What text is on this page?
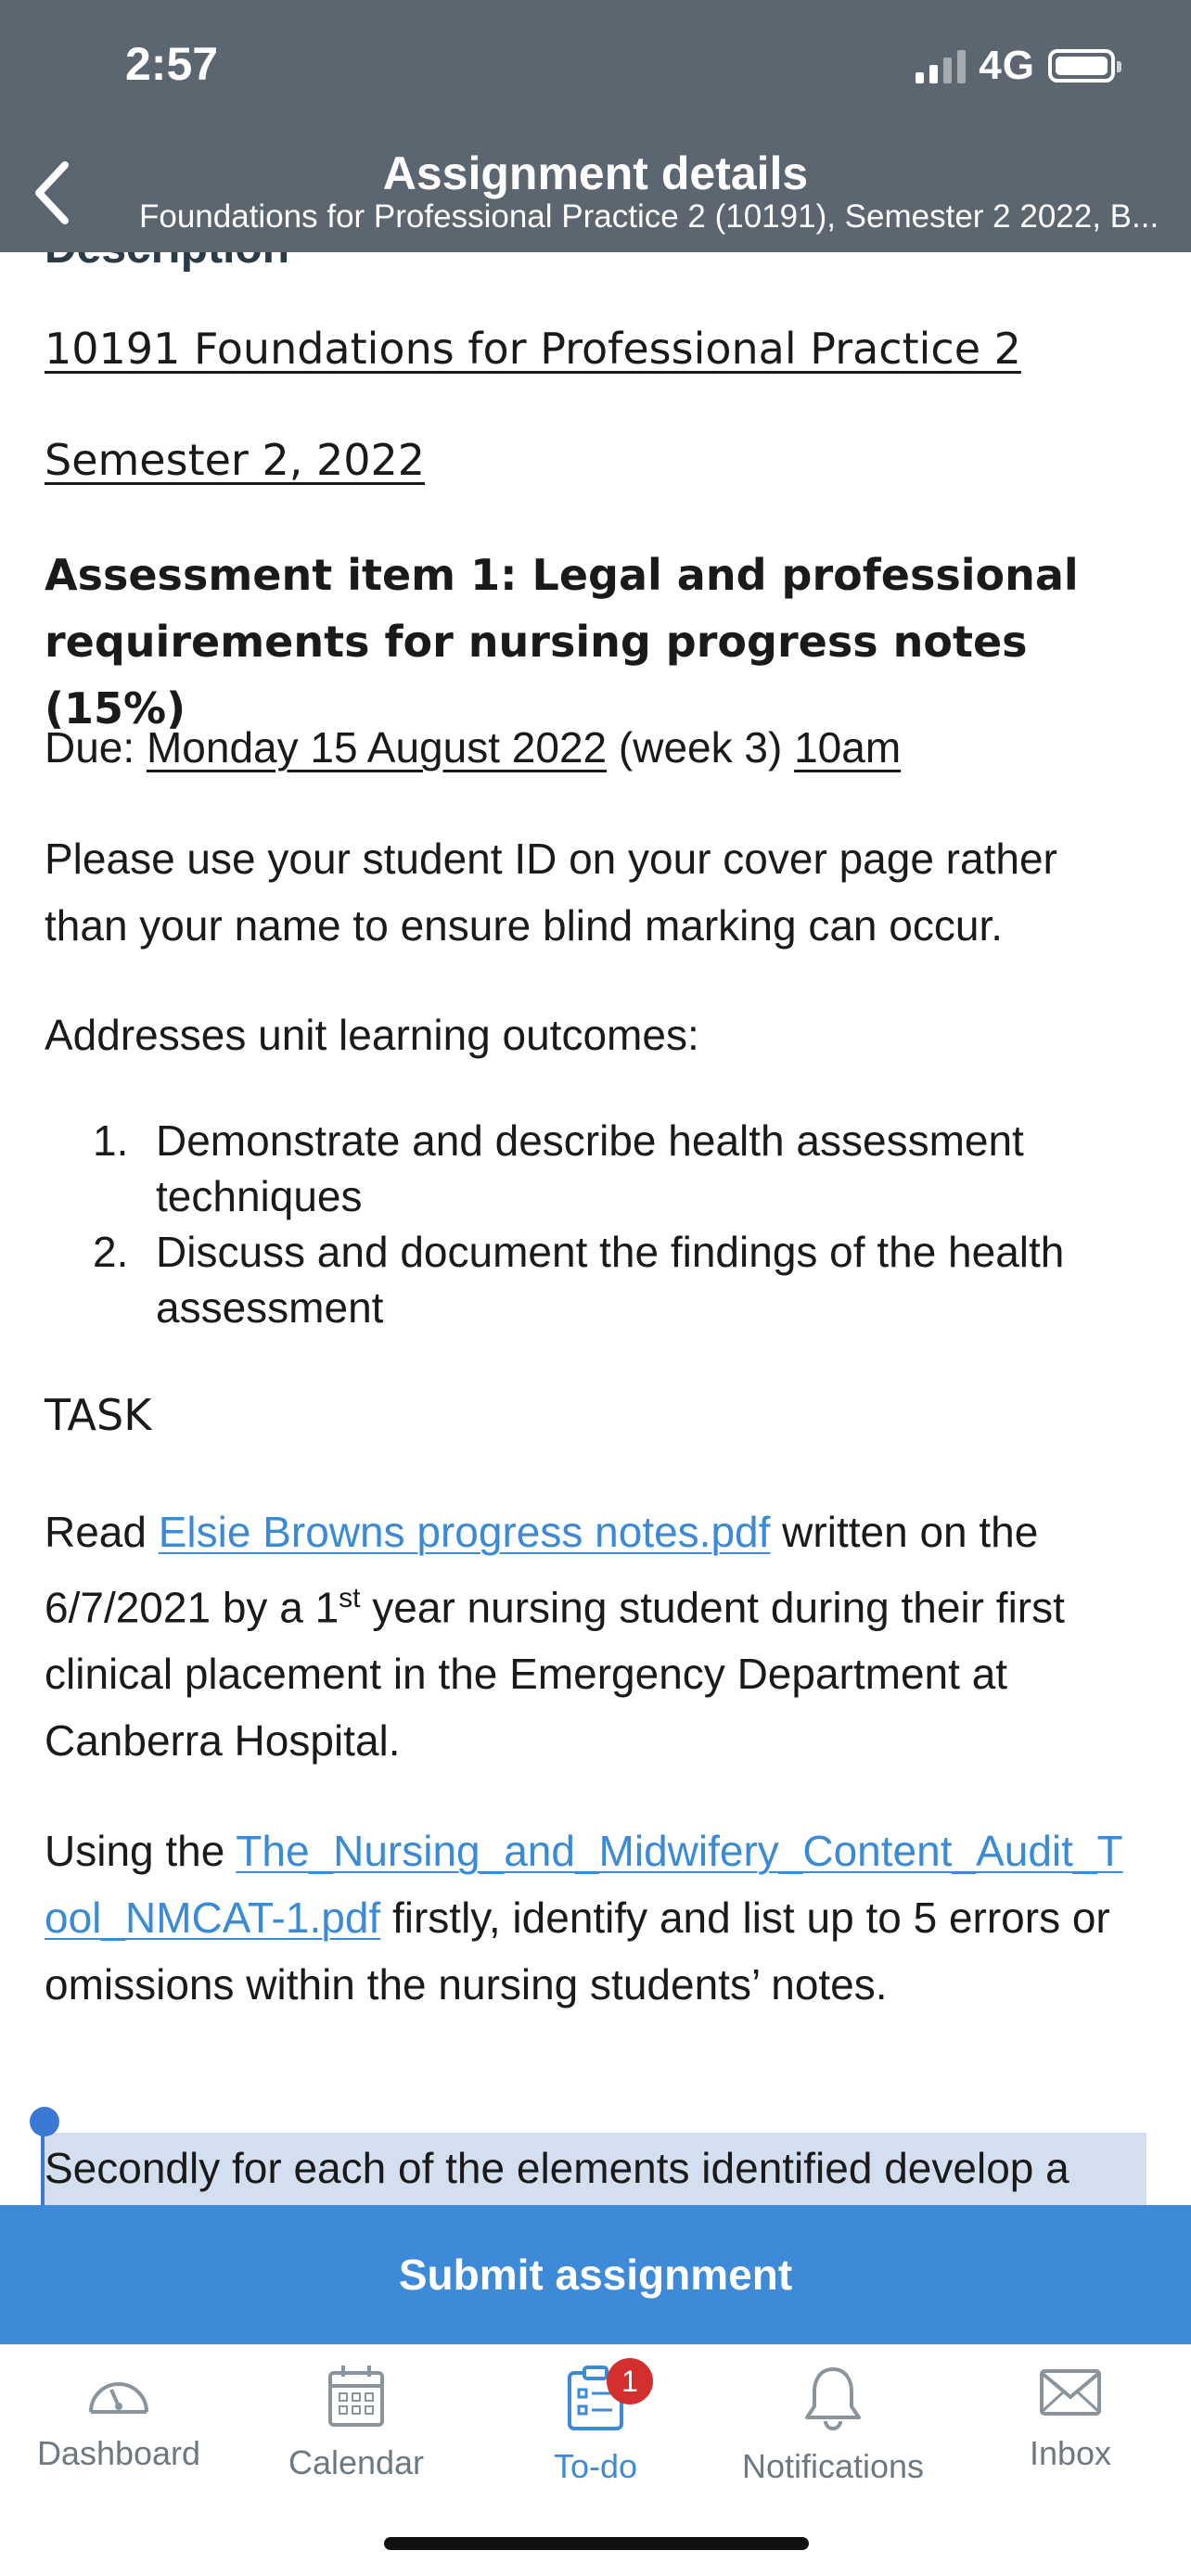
2:57	4G
Assignment details
Foundations for Professional Practice 2 (10191), Semester 2 2022, B...
10191 Foundations for Professional Practice 2
Semester 2, 2022
Assessment item 1: Legal and professional requirements for nursing progress notes (15%)
Due: Monday 15 August 2022 (week 3) 10am
Please use your student ID on your cover page rather than your name to ensure blind marking can occur.
Addresses unit learning outcomes:
1. Demonstrate and describe health assessment techniques
2. Discuss and document the findings of the health assessment
TASK
Read Elsie Browns progress notes.pdf written on the 6/7/2021 by a 1st year nursing student during their first clinical placement in the Emergency Department at Canberra Hospital.
Using the The_Nursing_and_Midwifery_Content_Audit_Tool_NMCAT-1.pdf firstly, identify and list up to 5 errors or omissions within the nursing students’ notes.
Secondly for each of the elements identified develop a
Submit assignment
Dashboard	Calendar
1
To-do	Notifications	Inbox
